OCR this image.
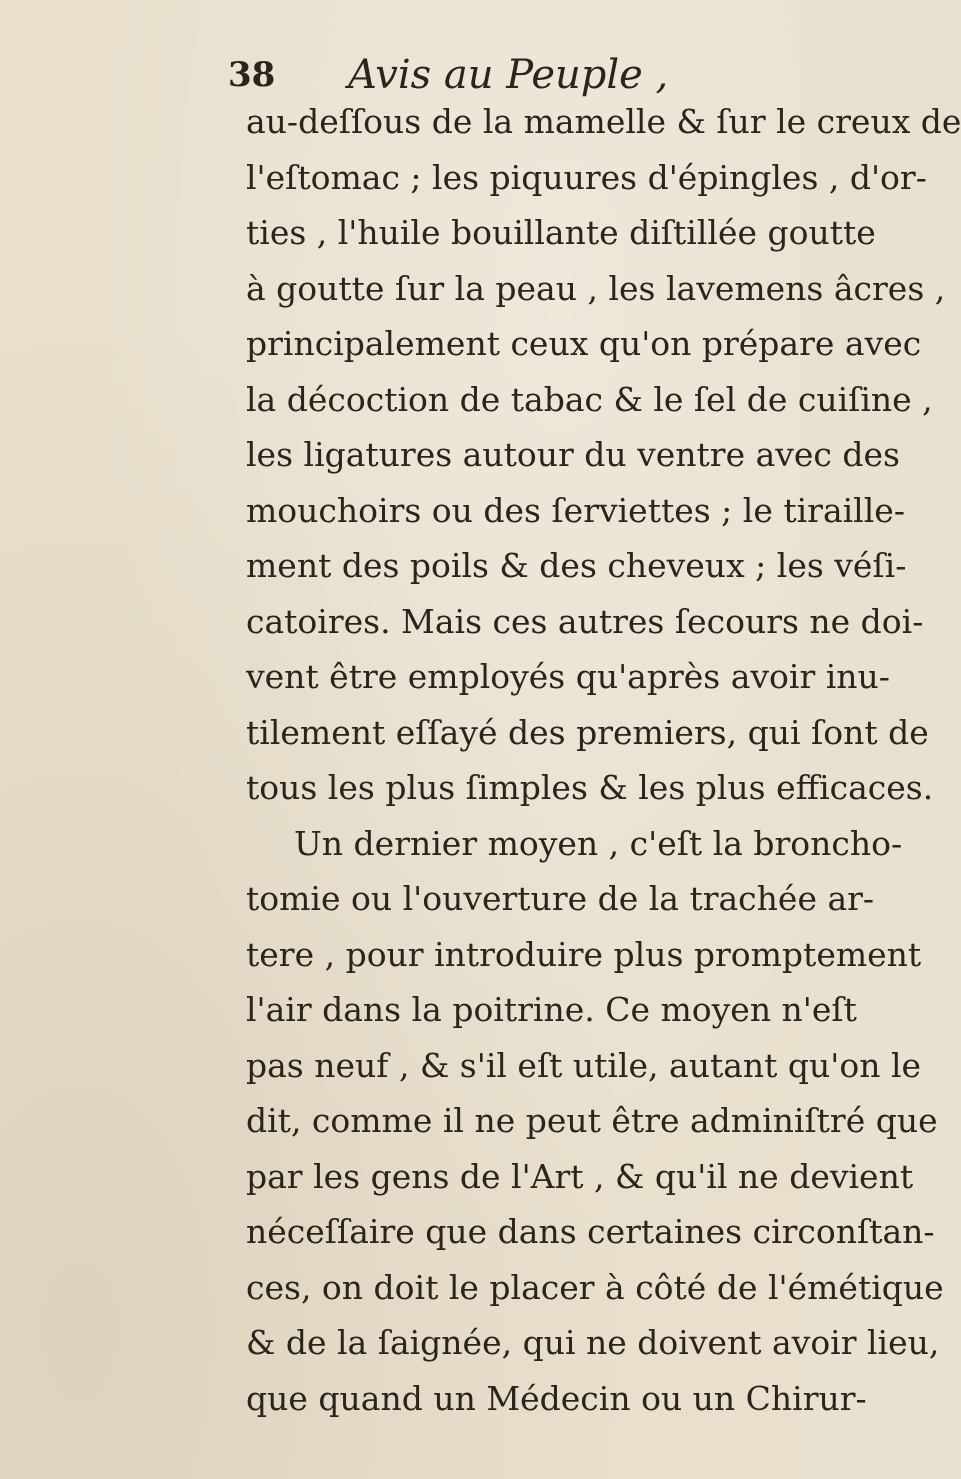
38 Avis au Peuple ,
au-deſſous de la mamelle & ſur le creux de
l'eſtomac ; les piquures d'épingles , d'or-
ties , l'huile bouillante diſtillée goutte
à goutte ſur la peau , les lavemens âcres ,
principalement ceux qu'on prépare avec
la décoction de tabac & le ſel de cuiſine ,
les ligatures autour du ventre avec des
mouchoirs ou des ſerviettes ; le tiraille-
ment des poils & des cheveux ; les véſi-
catoires. Mais ces autres ſecours ne doi-
vent être employés qu'après avoir inu-
tilement eſſayé des premiers, qui ſont de
tous les plus ſimples & les plus efficaces.
Un dernier moyen , c'eſt la broncho-
tomie ou l'ouverture de la trachée ar-
tere , pour introduire plus promptement
l'air dans la poitrine. Ce moyen n'eſt
pas neuf , & s'il eſt utile, autant qu'on le
dit, comme il ne peut être adminiſtré que
par les gens de l'Art , & qu'il ne devient
néceſſaire que dans certaines circonſtan-
ces, on doit le placer à côté de l'émétique
& de la ſaignée, qui ne doivent avoir lieu,
que quand un Médecin ou un Chirur-
